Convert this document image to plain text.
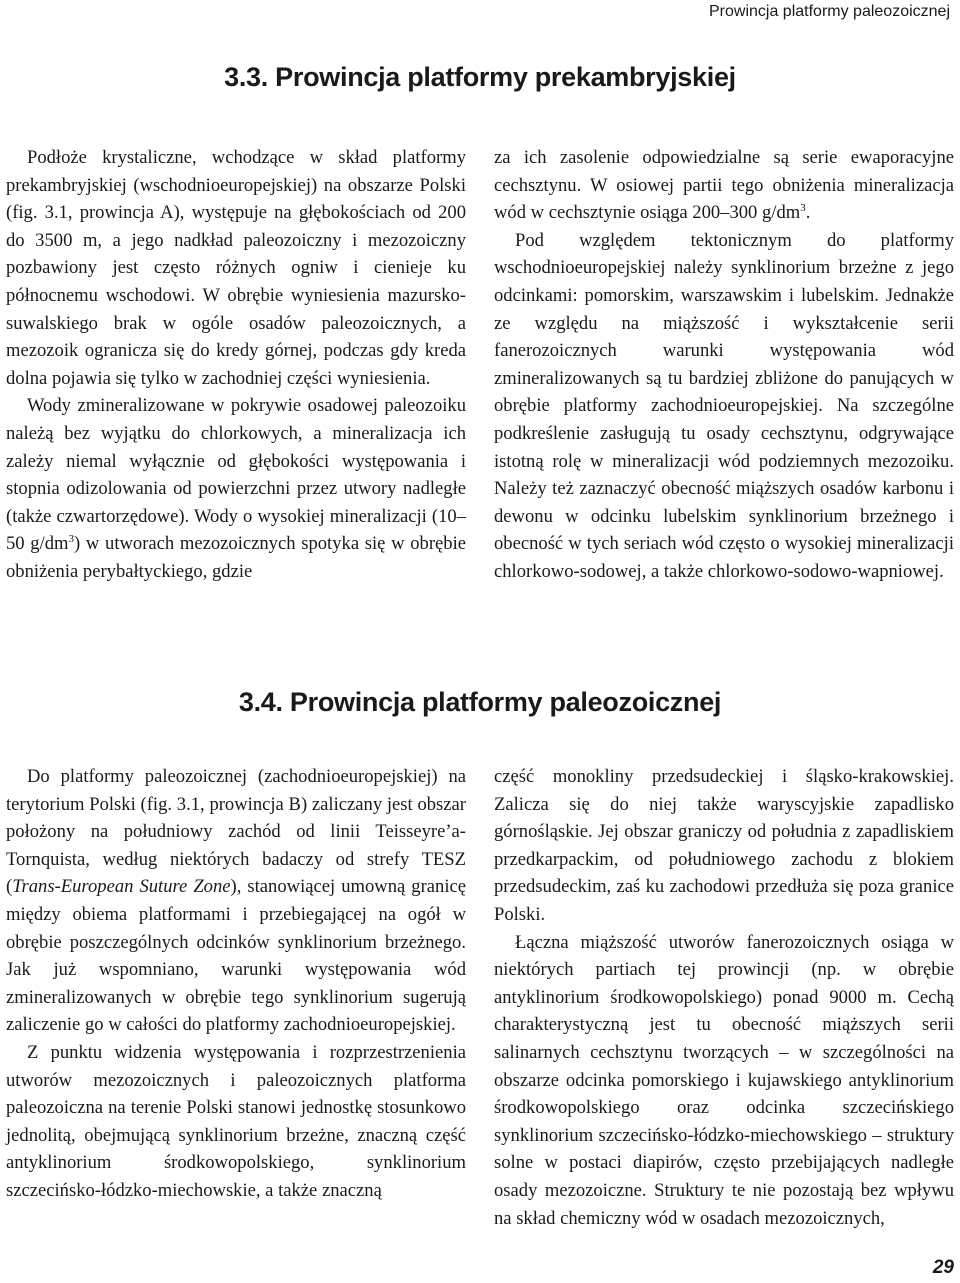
Prowincja platformy paleozoicznej
3.3. Prowincja platformy prekambryjskiej

Podłoże krystaliczne, wchodzące w skład platformy prekambryjskiej (wschodnioeuropejskiej) na obszarze Polski (fig. 3.1, prowincja A), występuje na głębokościach od 200 do 3500 m, a jego nadkład paleozoiczny i mezozoiczny pozbawiony jest często różnych ogniw i cienieje ku północnemu wschodowi. W obrębie wyniesienia mazursko-suwalskiego brak w ogóle osadów paleozoicznych, a mezozoik ogranicza się do kredy górnej, podczas gdy kreda dolna pojawia się tylko w zachodniej części wyniesienia.

Wody zmineralizowane w pokrywie osadowej paleozoiku należą bez wyjątku do chlorkowych, a mineralizacja ich zależy niemal wyłącznie od głębokości występowania i stopnia odizolowania od powierzchni przez utwory nadległe (także czwartorzędowe). Wody o wysokiej mineralizacji (10–50 $g/dm^3$) w utworach mezozoicznych spotyka się w obrębie obniżenia perybałtyckiego, gdzie

za ich zasolenie odpowiedzialne są serie ewaporacyjne cechsztynu. W osiowej partii tego obniżenia mineralizacja wód w cechsztynie osiąga 200–300 $g/dm^3$.

Pod względem tektonicznym do platformy wschodnioeuropejskiej należy synklinorium brzeżne z jego odcinkami: pomorskim, warszawskim i lubelskim. Jednakże ze względu na miąższość i wykształcenie serii fanerozoicznych warunki występowania wód zmineralizowanych są tu bardziej zbliżone do panujących w obrębie platformy zachodnioeuropejskiej. Na szczególne podkreślenie zasługują tu osady cechsztynu, odgrywające istotną rolę w mineralizacji wód podziemnych mezozoiku. Należy też zaznaczyć obecność miąższych osadów karbonu i dewonu w odcinku lubelskim synklinorium brzeżnego i obecność w tych seriach wód często o wysokiej mineralizacji chlorkowo-sodowej, a także chlorkowo-sodowo-wapniowej.

3.4. Prowincja platformy paleozoicznej

Do platformy paleozoicznej (zachodnioeuropejskiej) na terytorium Polski (fig. 3.1, prowincja B) zaliczany jest obszar położony na południowy zachód od linii Teisseyre’a-Tornquista, według niektórych badaczy od strefy TESZ (Trans-European Suture Zone), stanowiącej umowną granicę między obiema platformami i przebiegającej na ogół w obrębie poszczególnych odcinków synklinorium brzeżnego. Jak już wspomniano, warunki występowania wód zmineralizowanych w obrębie tego synklinorium sugerują zaliczenie go w całości do platformy zachodnioeuropejskiej.

Z punktu widzenia występowania i rozprzestrzenienia utworów mezozoicznych i paleozoicznych platforma paleozoiczna na terenie Polski stanowi jednostkę stosunkowo jednolitą, obejmującą synklinorium brzeżne, znaczną część antyklinorium środkowopolskiego, synklinorium szczecińsko-łódzko-miechowskie, a także znaczną

część monokliny przedsudeckiej i śląsko-krakowskiej. Zalicza się do niej także waryscyjskie zapadlisko górnośląskie. Jej obszar graniczy od południa z zapadliskiem przedkarpackim, od południowego zachodu z blokiem przedsudeckim, zaś ku zachodowi przedłuża się poza granice Polski.

Łączna miąższość utworów fanerozoicznych osiąga w niektórych partiach tej prowincji (np. w obrębie antyklinorium środkowopolskiego) ponad 9000 m. Cechą charakterystyczną jest tu obecność miąższych serii salinarnych cechsztynu tworzących – w szczególności na obszarze odcinka pomorskiego i kujawskiego antyklinorium środkowopolskiego oraz odcinka szczecińskiego synklinorium szczecińsko-łódzko-miechowskiego – struktury solne w postaci diapirów, często przebijających nadległe osady mezozoiczne. Struktury te nie pozostają bez wpływu na skład chemiczny wód w osadach mezozoicznych,

29
